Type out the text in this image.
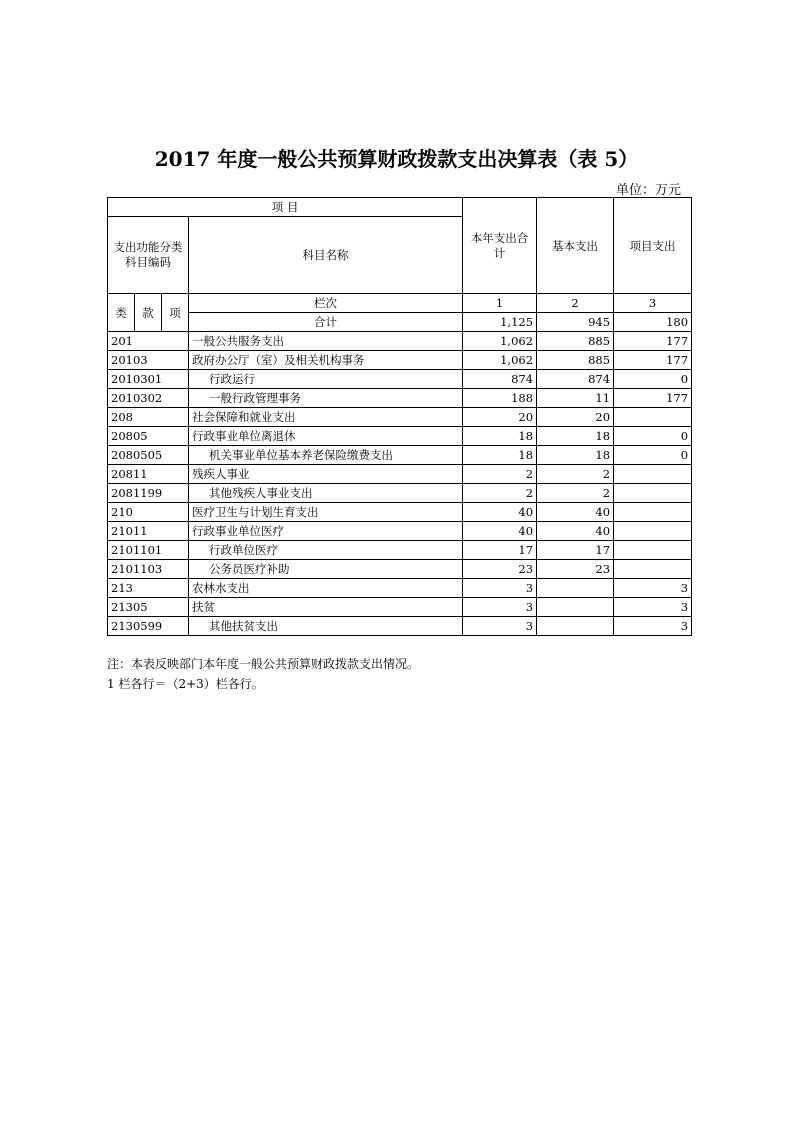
2017 年度一般公共预算财政拨款支出决算表（表 5）
单位：万元
项 目				本年支出合计	基本支出	项目支出
支出功能分类科目编码			科目名称			

类	款	项	栏次	1	2	3
			合计	1,125	945	180
201			一般公共服务支出	1,062	885	177
20103			政府办公厅（室）及相关机构事务	1,062	885	177
2010301			行政运行	874	874	0
2010302			一般行政管理事务	188	11	177
208			社会保障和就业支出	20	20	
20805			行政事业单位离退休	18	18	0
2080505			机关事业单位基本养老保险缴费支出	18	18	0
20811			残疾人事业	2	2	
2081199			其他残疾人事业支出	2	2	
210			医疗卫生与计划生育支出	40	40	
21011			行政事业单位医疗	40	40	
2101101			行政单位医疗	17	17	
2101103			公务员医疗补助	23	23	
213			农林水支出	3		3
21305			扶贫	3		3
2130599			其他扶贫支出	3		3
注：本表反映部门本年度一般公共预算财政拨款支出情况。
1 栏各行＝（2+3）栏各行。
